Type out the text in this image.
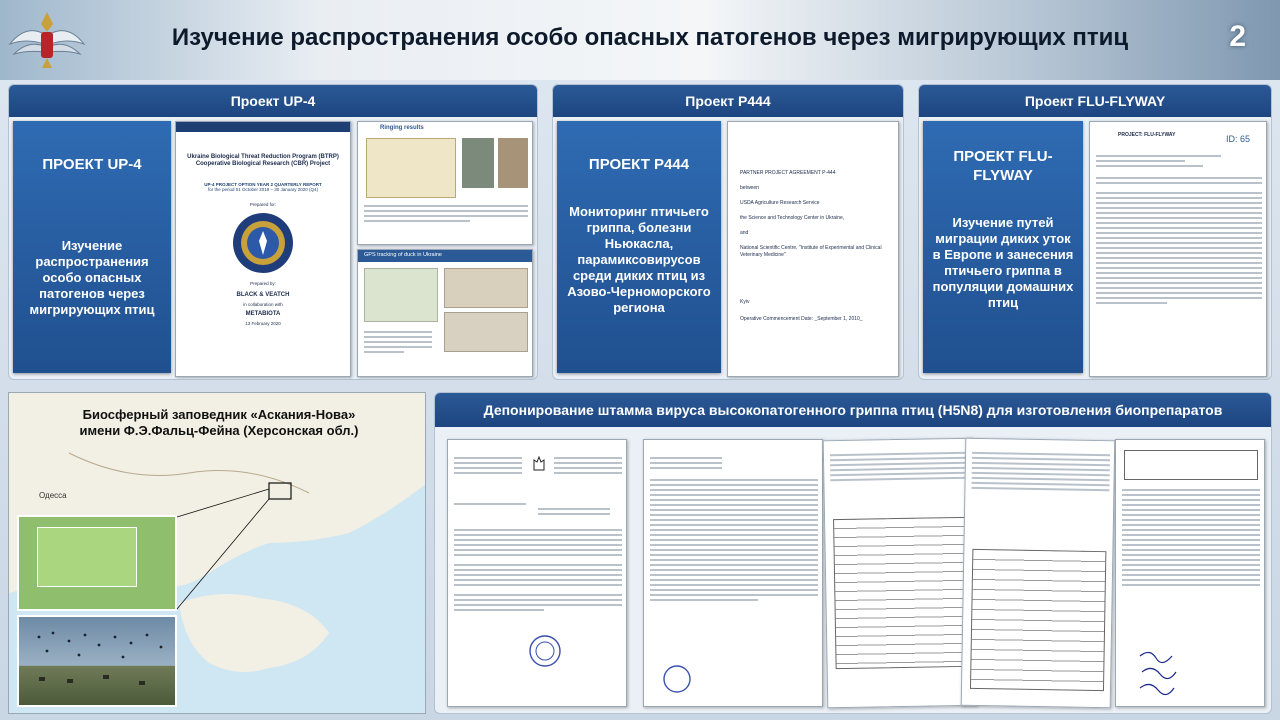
Изучение распространения особо опасных патогенов через мигрирующих птиц	2
Проект UP-4
ПРОЕКТ UP-4
Изучение распространения особо опасных патогенов через мигрирующих птиц
Ukraine Biological Threat Reduction Program (BTRP)
Cooperative Biological Research (CBR) Project
UP-4 PROJECT OPTION YEAR 2 QUARTERLY REPORT
for the period 01 October 2019 – 30 January 2020 (Q4)
Prepared for:
Prepared by:
BLACK & VEATCH
in collaboration with
METABIOTA
13 February 2020
Ringing results
GPS tracking of duck in Ukraine
Проект P444
ПРОЕКТ Р444
Мониторинг птичьего гриппа, болезни Ньюкасла, парамиксовирусов среди диких птиц из Азово-Черноморского региона
PARTNER PROJECT AGREEMENT P-444
between
USDA Agriculture Research Service
the Science and Technology Center in Ukraine,
and
National Scientific Centre, "Institute of Experimental and Clinical Veterinary Medicine"
Kyiv
Operative Commencement Date: _September 1, 2010_
Проект FLU-FLYWAY
ПРОЕКТ FLU-FLYWAY
Изучение путей миграции диких уток в Европе и занесения птичьего гриппа в популяции домашних птиц
PROJECT: FLU-FLYWAY	ID: 65
Биосферный заповедник «Аскания-Нова» имени Ф.Э.Фальц-Фейна (Херсонская обл.)
Одесса
Депонирование штамма вируса высокопатогенного гриппа птиц (H5N8) для изготовления биопрепаратов
